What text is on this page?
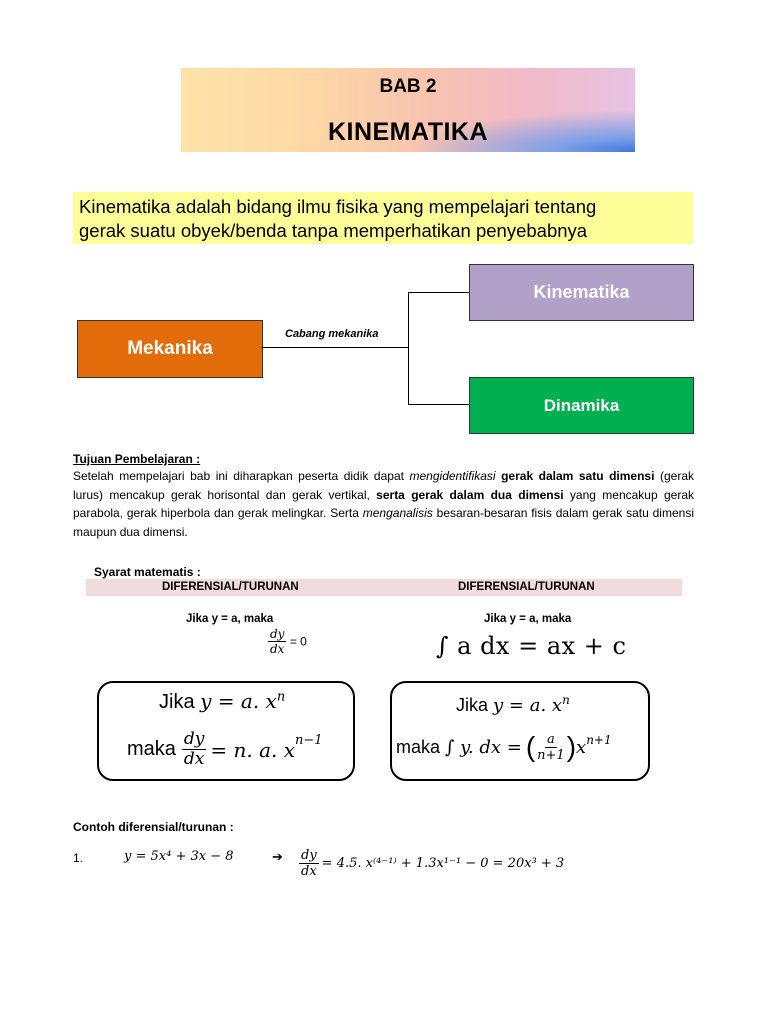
BAB 2
KINEMATIKA
Kinematika adalah bidang ilmu fisika yang mempelajari tentang
gerak suatu obyek/benda tanpa memperhatikan penyebabnya
Mekanika
Cabang mekanika
Kinematika
Dinamika
Tujuan Pembelajaran :
Setelah mempelajari bab ini diharapkan peserta didik dapat mengidentifikasi gerak dalam satu dimensi (gerak lurus) mencakup gerak horisontal dan gerak vertikal, serta gerak dalam dua dimensi yang mencakup gerak parabola, gerak hiperbola dan gerak melingkar. Serta menganalisis besaran-besaran fisis dalam gerak satu dimensi maupun dua dimensi.
Syarat matematis :
DIFERENSIAL/TURUNAN	DIFERENSIAL/TURUNAN
Jika y = a, maka	Jika y = a, maka
$\frac{dy}{dx} = 0$	∫ a dx = ax + c
Jika y = a. $x^n$
maka $\frac{dy}{dx} = n$. a. $x^{n-1}$
Jika y = a. $x^n$
maka ∫ y. dx = ( $\frac{a}{n+1}$ ) $x^{n+1}$
Contoh diferensial/turunan :
1.	y = 5x⁴ + 3x − 8	➔ $\frac{dy}{dx} = 4.5$. x⁽⁴⁻¹⁾ + 1.3x¹⁻¹ − 0 = 20x³ + 3
